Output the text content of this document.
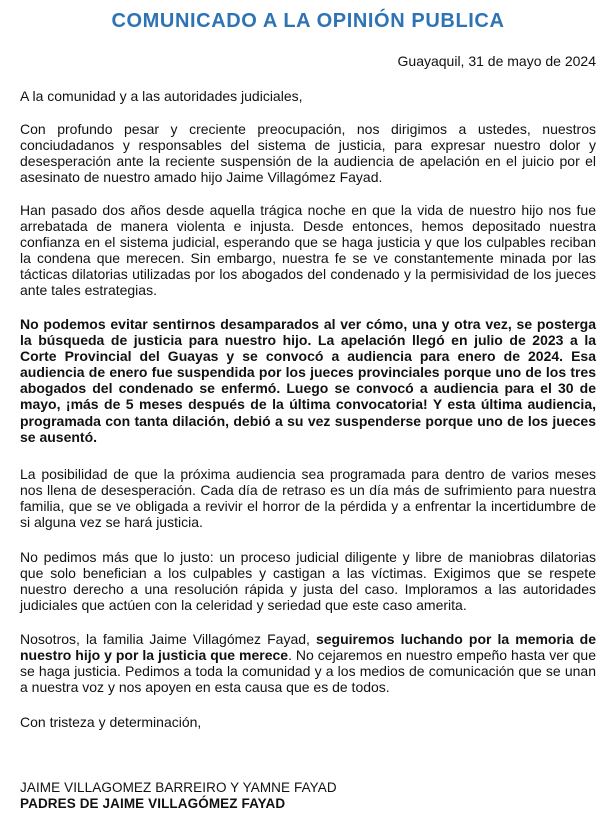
COMUNICADO A LA OPINIÓN PUBLICA
Guayaquil, 31 de mayo de 2024

A la comunidad y a las autoridades judiciales,

Con profundo pesar y creciente preocupación, nos dirigimos a ustedes, nuestros conciudadanos y responsables del sistema de justicia, para expresar nuestro dolor y desesperación ante la reciente suspensión de la audiencia de apelación en el juicio por el asesinato de nuestro amado hijo Jaime Villagómez Fayad.

Han pasado dos años desde aquella trágica noche en que la vida de nuestro hijo nos fue arrebatada de manera violenta e injusta. Desde entonces, hemos depositado nuestra confianza en el sistema judicial, esperando que se haga justicia y que los culpables reciban la condena que merecen. Sin embargo, nuestra fe se ve constantemente minada por las tácticas dilatorias utilizadas por los abogados del condenado y la permisividad de los jueces ante tales estrategias.

No podemos evitar sentirnos desamparados al ver cómo, una y otra vez, se posterga la búsqueda de justicia para nuestro hijo. La apelación llegó en julio de 2023 a la Corte Provincial del Guayas y se convocó a audiencia para enero de 2024. Esa audiencia de enero fue suspendida por los jueces provinciales porque uno de los tres abogados del condenado se enfermó. Luego se convocó a audiencia para el 30 de mayo, ¡más de 5 meses después de la última convocatoria! Y esta última audiencia, programada con tanta dilación, debió a su vez suspenderse porque uno de los jueces se ausentó.

La posibilidad de que la próxima audiencia sea programada para dentro de varios meses nos llena de desesperación. Cada día de retraso es un día más de sufrimiento para nuestra familia, que se ve obligada a revivir el horror de la pérdida y a enfrentar la incertidumbre de si alguna vez se hará justicia.

No pedimos más que lo justo: un proceso judicial diligente y libre de maniobras dilatorias que solo benefician a los culpables y castigan a las víctimas. Exigimos que se respete nuestro derecho a una resolución rápida y justa del caso. Imploramos a las autoridades judiciales que actúen con la celeridad y seriedad que este caso amerita.

Nosotros, la familia Jaime Villagómez Fayad, seguiremos luchando por la memoria de nuestro hijo y por la justicia que merece. No cejaremos en nuestro empeño hasta ver que se haga justicia. Pedimos a toda la comunidad y a los medios de comunicación que se unan a nuestra voz y nos apoyen en esta causa que es de todos.

Con tristeza y determinación,

JAIME VILLAGOMEZ BARREIRO Y YAMNE FAYAD
PADRES DE JAIME VILLAGÓMEZ FAYAD
